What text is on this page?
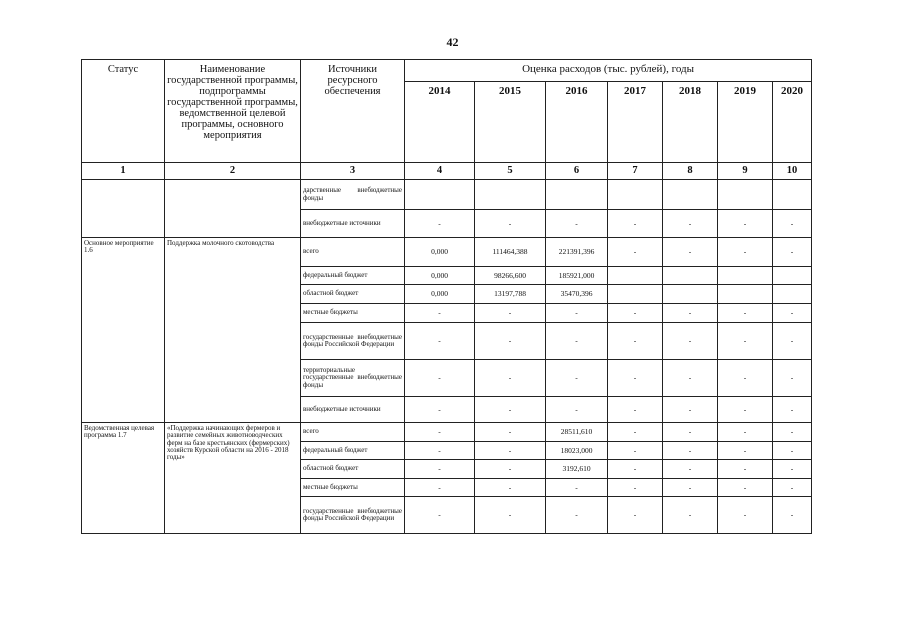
42
Статус	Наименование государственной программы, подпрограммы государственной программы, ведомственной целевой программы, основного мероприятия	Источники ресурсного обеспечения	Оценка расходов (тыс. рублей), годы						
			2014	2015	2016	2017	2018	2019	2020
1	2	3	4	5	6	7	8	9	10
		дарственные внебюджетные фонды							
		внебюджетные источники	-	-	-	-	-	-	-
Основное мероприятие 1.6	Поддержка молочного скотоводства	всего	0,000	111464,388	221391,396	-	-	-	-
		федеральный бюджет	0,000	98266,600	185921,000				
		областной бюджет	0,000	13197,788	35470,396				
		местные бюджеты	-	-	-	-	-	-	-
		государственные внебюджетные фонды Российской Федерации	-	-	-	-	-	-	-
		территориальные государственные внебюджетные фонды	-	-	-	-	-	-	-
		внебюджетные источники	-	-	-	-	-	-	-
Ведомственная целевая программа 1.7	«Поддержка начинающих фермеров и развитие семейных животноводческих ферм на базе крестьянских (фермерских) хозяйств Курской области на 2016 - 2018 годы»	всего	-	-	28511,610	-	-	-	-
		федеральный бюджет	-	-	18023,000	-	-	-	-
		областной бюджет	-	-	3192,610	-	-	-	-
		местные бюджеты	-	-	-	-	-	-	-
		государственные внебюджетные фонды Российской Федерации	-	-	-	-	-	-	-
